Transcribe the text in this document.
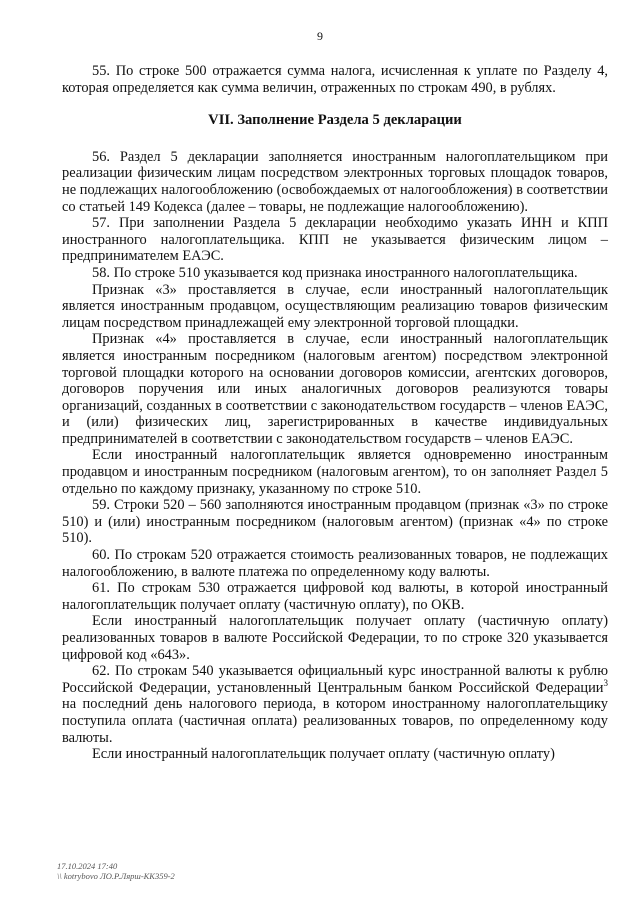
9

55. По строке 500 отражается сумма налога, исчисленная к уплате по Разделу 4, которая определяется как сумма величин, отраженных по строкам 490, в рублях.

VII. Заполнение Раздела 5 декларации

56. Раздел 5 декларации заполняется иностранным налогоплательщиком при реализации физическим лицам посредством электронных торговых площадок товаров, не подлежащих налогообложению (освобождаемых от налогообложения) в соответствии со статьей 149 Кодекса (далее – товары, не подлежащие налогообложению).

57. При заполнении Раздела 5 декларации необходимо указать ИНН и КПП иностранного налогоплательщика. КПП не указывается физическим лицом – предпринимателем ЕАЭС.

58. По строке 510 указывается код признака иностранного налогоплательщика.

Признак «3» проставляется в случае, если иностранный налогоплательщик является иностранным продавцом, осуществляющим реализацию товаров физическим лицам посредством принадлежащей ему электронной торговой площадки.

Признак «4» проставляется в случае, если иностранный налогоплательщик является иностранным посредником (налоговым агентом) посредством электронной торговой площадки которого на основании договоров комиссии, агентских договоров, договоров поручения или иных аналогичных договоров реализуются товары организаций, созданных в соответствии с законодательством государств – членов ЕАЭС, и (или) физических лиц, зарегистрированных в качестве индивидуальных предпринимателей в соответствии с законодательством государств – членов ЕАЭС.

Если иностранный налогоплательщик является одновременно иностранным продавцом и иностранным посредником (налоговым агентом), то он заполняет Раздел 5 отдельно по каждому признаку, указанному по строке 510.

59. Строки 520 – 560 заполняются иностранным продавцом (признак «3» по строке 510) и (или) иностранным посредником (налоговым агентом) (признак «4» по строке 510).

60. По строкам 520 отражается стоимость реализованных товаров, не подлежащих налогообложению, в валюте платежа по определенному коду валюты.

61. По строкам 530 отражается цифровой код валюты, в которой иностранный налогоплательщик получает оплату (частичную оплату), по ОКВ.

Если иностранный налогоплательщик получает оплату (частичную оплату) реализованных товаров в валюте Российской Федерации, то по строке 320 указывается цифровой код «643».

62. По строкам 540 указывается официальный курс иностранной валюты к рублю Российской Федерации, установленный Центральным банком Российской Федерации$^3$ на последний день налогового периода, в котором иностранному налогоплательщику поступила оплата (частичная оплата) реализованных товаров, по определенному коду валюты.

Если иностранный налогоплательщик получает оплату (частичную оплату)

17.10.2024 17:40
\\ kotrybovo ЛО.Р.Лярш-КК359-2
